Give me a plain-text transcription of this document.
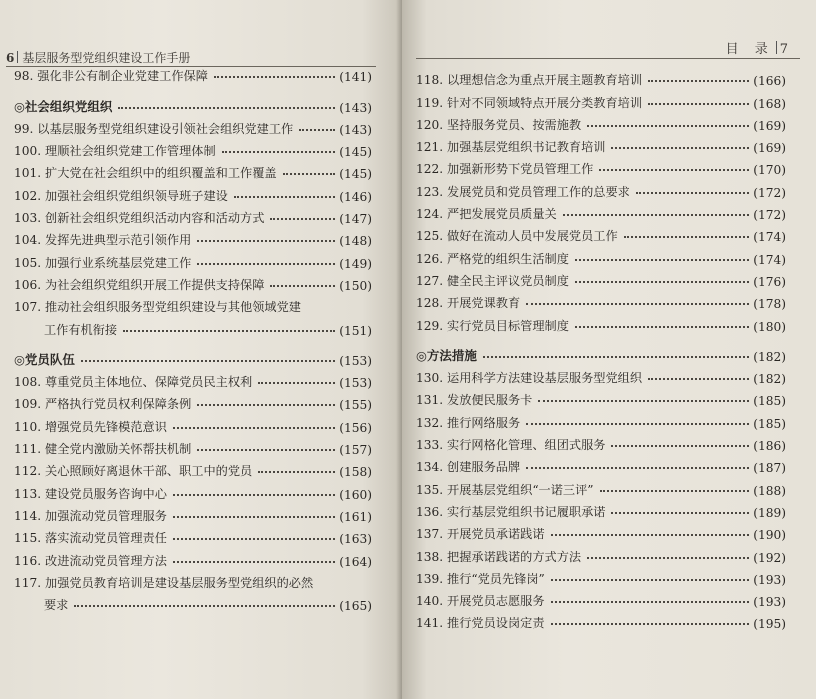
6 基层服务型党组织建设工作手册
98. 强化非公有制企业党建工作保障	(141)
◎社会组织党组织	(143)
99. 以基层服务型党组织建设引领社会组织党建工作	(143)
100. 理顺社会组织党建工作管理体制	(145)
101. 扩大党在社会组织中的组织覆盖和工作覆盖	(145)
102. 加强社会组织党组织领导班子建设	(146)
103. 创新社会组织党组织活动内容和活动方式	(147)
104. 发挥先进典型示范引领作用	(148)
105. 加强行业系统基层党建工作	(149)
106. 为社会组织党组织开展工作提供支持保障	(150)
107. 推动社会组织服务型党组织建设与其他领域党建
工作有机衔接	(151)
◎党员队伍	(153)
108. 尊重党员主体地位、保障党员民主权利	(153)
109. 严格执行党员权利保障条例	(155)
110. 增强党员先锋模范意识	(156)
111. 健全党内激励关怀帮扶机制	(157)
112. 关心照顾好离退休干部、职工中的党员	(158)
113. 建设党员服务咨询中心	(160)
114. 加强流动党员管理服务	(161)
115. 落实流动党员管理责任	(163)
116. 改进流动党员管理方法	(164)
117. 加强党员教育培训是建设基层服务型党组织的必然
要求	(165)
目 录 7
118. 以理想信念为重点开展主题教育培训	(166)
119. 针对不同领域特点开展分类教育培训	(168)
120. 坚持服务党员、按需施教	(169)
121. 加强基层党组织书记教育培训	(169)
122. 加强新形势下党员管理工作	(170)
123. 发展党员和党员管理工作的总要求	(172)
124. 严把发展党员质量关	(172)
125. 做好在流动人员中发展党员工作	(174)
126. 严格党的组织生活制度	(174)
127. 健全民主评议党员制度	(176)
128. 开展党课教育	(178)
129. 实行党员目标管理制度	(180)
◎方法措施	(182)
130. 运用科学方法建设基层服务型党组织	(182)
131. 发放便民服务卡	(185)
132. 推行网络服务	(185)
133. 实行网格化管理、组团式服务	(186)
134. 创建服务品牌	(187)
135. 开展基层党组织“一诺三评”	(188)
136. 实行基层党组织书记履职承诺	(189)
137. 开展党员承诺践诺	(190)
138. 把握承诺践诺的方式方法	(192)
139. 推行“党员先锋岗”	(193)
140. 开展党员志愿服务	(193)
141. 推行党员设岗定责	(195)
